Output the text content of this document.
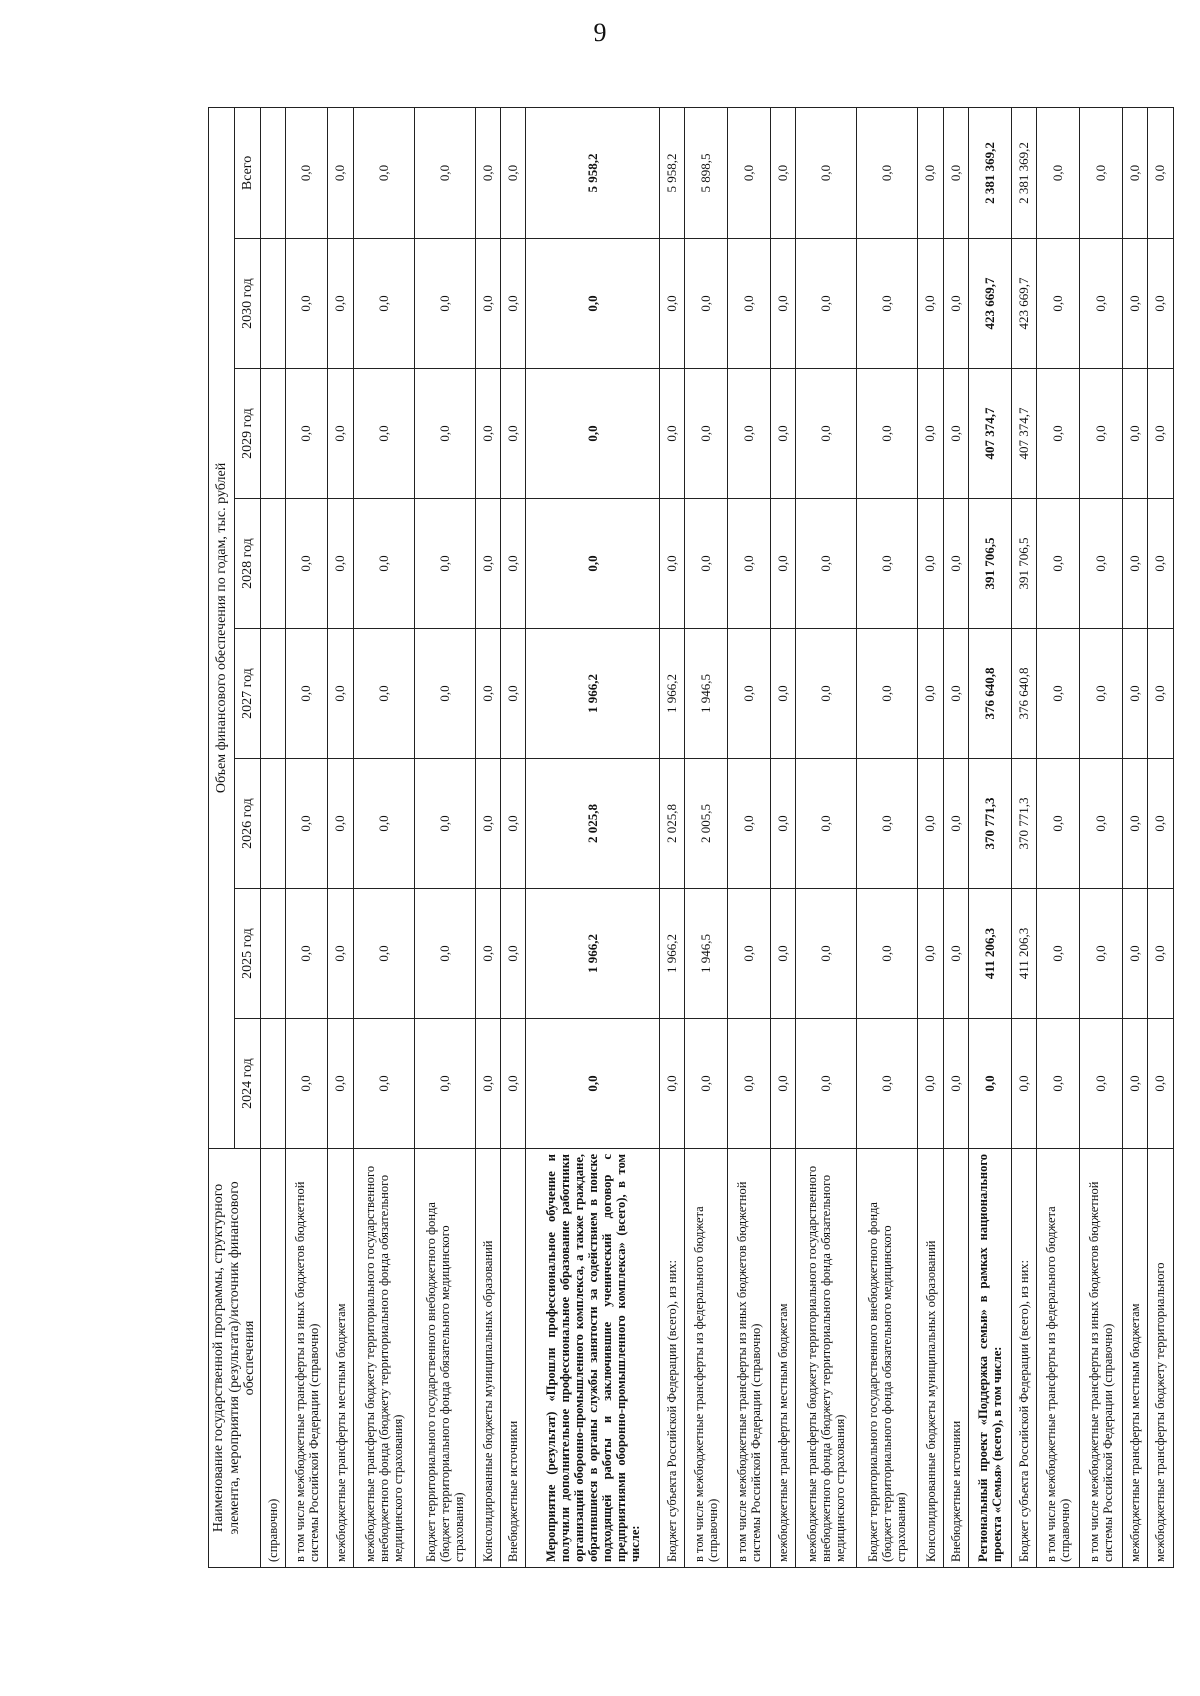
9
Наименование государственной программы, структурного элемента, мероприятия (результата)/источник финансового обеспечения	Объем финансового обеспечения по годам, тыс. рублей							
	2024 год	2025 год	2026 год	2027 год	2028 год	2029 год	2030 год	Всего
(справочно)								
в том числе межбюджетные трансферты из иных бюджетов бюджетной системы Российской Федерации (справочно)	0,0	0,0	0,0	0,0	0,0	0,0	0,0	0,0
межбюджетные трансферты местным бюджетам	0,0	0,0	0,0	0,0	0,0	0,0	0,0	0,0
межбюджетные трансферты бюджету территориального государственного внебюджетного фонда (бюджету территориального фонда обязательного медицинского страхования)	0,0	0,0	0,0	0,0	0,0	0,0	0,0	0,0
Бюджет территориального государственного внебюджетного фонда (бюджет территориального фонда обязательного медицинского страхования)	0,0	0,0	0,0	0,0	0,0	0,0	0,0	0,0
Консолидированные бюджеты муниципальных образований	0,0	0,0	0,0	0,0	0,0	0,0	0,0	0,0
Внебюджетные источники	0,0	0,0	0,0	0,0	0,0	0,0	0,0	0,0
Мероприятие (результат) «Прошли профессиональное обучение и получили дополнительное профессиональное образование работники организаций оборонно-промышленного комплекса, а также граждане, обратившиеся в органы службы занятости за содействием в поиске подходящей работы и заключившие ученический договор с предприятиями оборонно-промышленного комплекса» (всего), в том числе:	0,0	1 966,2	2 025,8	1 966,2	0,0	0,0	0,0	5 958,2
Бюджет субъекта Российской Федерации (всего), из них:	0,0	1 966,2	2 025,8	1 966,2	0,0	0,0	0,0	5 958,2
в том числе межбюджетные трансферты из федерального бюджета (справочно)	0,0	1 946,5	2 005,5	1 946,5	0,0	0,0	0,0	5 898,5
в том числе межбюджетные трансферты из иных бюджетов бюджетной системы Российской Федерации (справочно)	0,0	0,0	0,0	0,0	0,0	0,0	0,0	0,0
межбюджетные трансферты местным бюджетам	0,0	0,0	0,0	0,0	0,0	0,0	0,0	0,0
межбюджетные трансферты бюджету территориального государственного внебюджетного фонда (бюджету территориального фонда обязательного медицинского страхования)	0,0	0,0	0,0	0,0	0,0	0,0	0,0	0,0
Бюджет территориального государственного внебюджетного фонда (бюджет территориального фонда обязательного медицинского страхования)	0,0	0,0	0,0	0,0	0,0	0,0	0,0	0,0
Консолидированные бюджеты муниципальных образований	0,0	0,0	0,0	0,0	0,0	0,0	0,0	0,0
Внебюджетные источники	0,0	0,0	0,0	0,0	0,0	0,0	0,0	0,0
Региональный проект «Поддержка семьи» в рамках национального проекта «Семья» (всего), в том числе:	0,0	411 206,3	370 771,3	376 640,8	391 706,5	407 374,7	423 669,7	2 381 369,2
Бюджет субъекта Российской Федерации (всего), из них:	0,0	411 206,3	370 771,3	376 640,8	391 706,5	407 374,7	423 669,7	2 381 369,2
в том числе межбюджетные трансферты из федерального бюджета (справочно)	0,0	0,0	0,0	0,0	0,0	0,0	0,0	0,0
в том числе межбюджетные трансферты из иных бюджетов бюджетной системы Российской Федерации (справочно)	0,0	0,0	0,0	0,0	0,0	0,0	0,0	0,0
межбюджетные трансферты местным бюджетам	0,0	0,0	0,0	0,0	0,0	0,0	0,0	0,0
межбюджетные трансферты бюджету территориального	0,0	0,0	0,0	0,0	0,0	0,0	0,0	0,0
